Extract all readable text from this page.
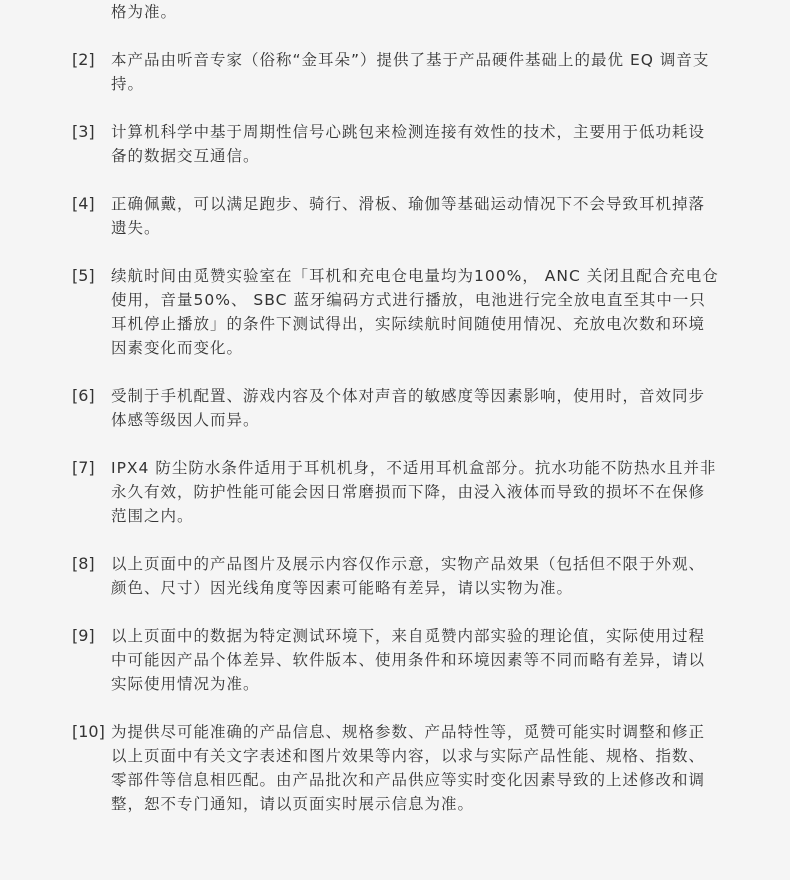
格为准。
[2] 本产品由听音专家（俗称“金耳朵”）提供了基于产品硬件基础上的最优 EQ 调音支持。
[3] 计算机科学中基于周期性信号心跳包来检测连接有效性的技术，主要用于低功耗设备的数据交互通信。
[4] 正确佩戴，可以满足跑步、骑行、滑板、瑜伽等基础运动情况下不会导致耳机掉落遗失。
[5] 续航时间由觅赞实验室在「耳机和充电仓电量均为100%， ANC 关闭且配合充电仓使用，音量50%、 SBC 蓝牙编码方式进行播放，电池进行完全放电直至其中一只耳机停止播放」的条件下测试得出，实际续航时间随使用情况、充放电次数和环境因素变化而变化。
[6] 受制于手机配置、游戏内容及个体对声音的敏感度等因素影响，使用时，音效同步体感等级因人而异。
[7] IPX4 防尘防水条件适用于耳机机身，不适用耳机盒部分。抗水功能不防热水且并非永久有效，防护性能可能会因日常磨损而下降，由浸入液体而导致的损坏不在保修范围之内。
[8] 以上页面中的产品图片及展示内容仅作示意，实物产品效果（包括但不限于外观、颜色、尺寸）因光线角度等因素可能略有差异，请以实物为准。
[9] 以上页面中的数据为特定测试环境下，来自觅赞内部实验的理论值，实际使用过程中可能因产品个体差异、软件版本、使用条件和环境因素等不同而略有差异，请以实际使用情况为准。
[10] 为提供尽可能准确的产品信息、规格参数、产品特性等，觅赞可能实时调整和修正以上页面中有关文字表述和图片效果等内容，以求与实际产品性能、规格、指数、零部件等信息相匹配。由产品批次和产品供应等实时变化因素导致的上述修改和调整，恕不专门通知，请以页面实时展示信息为准。
